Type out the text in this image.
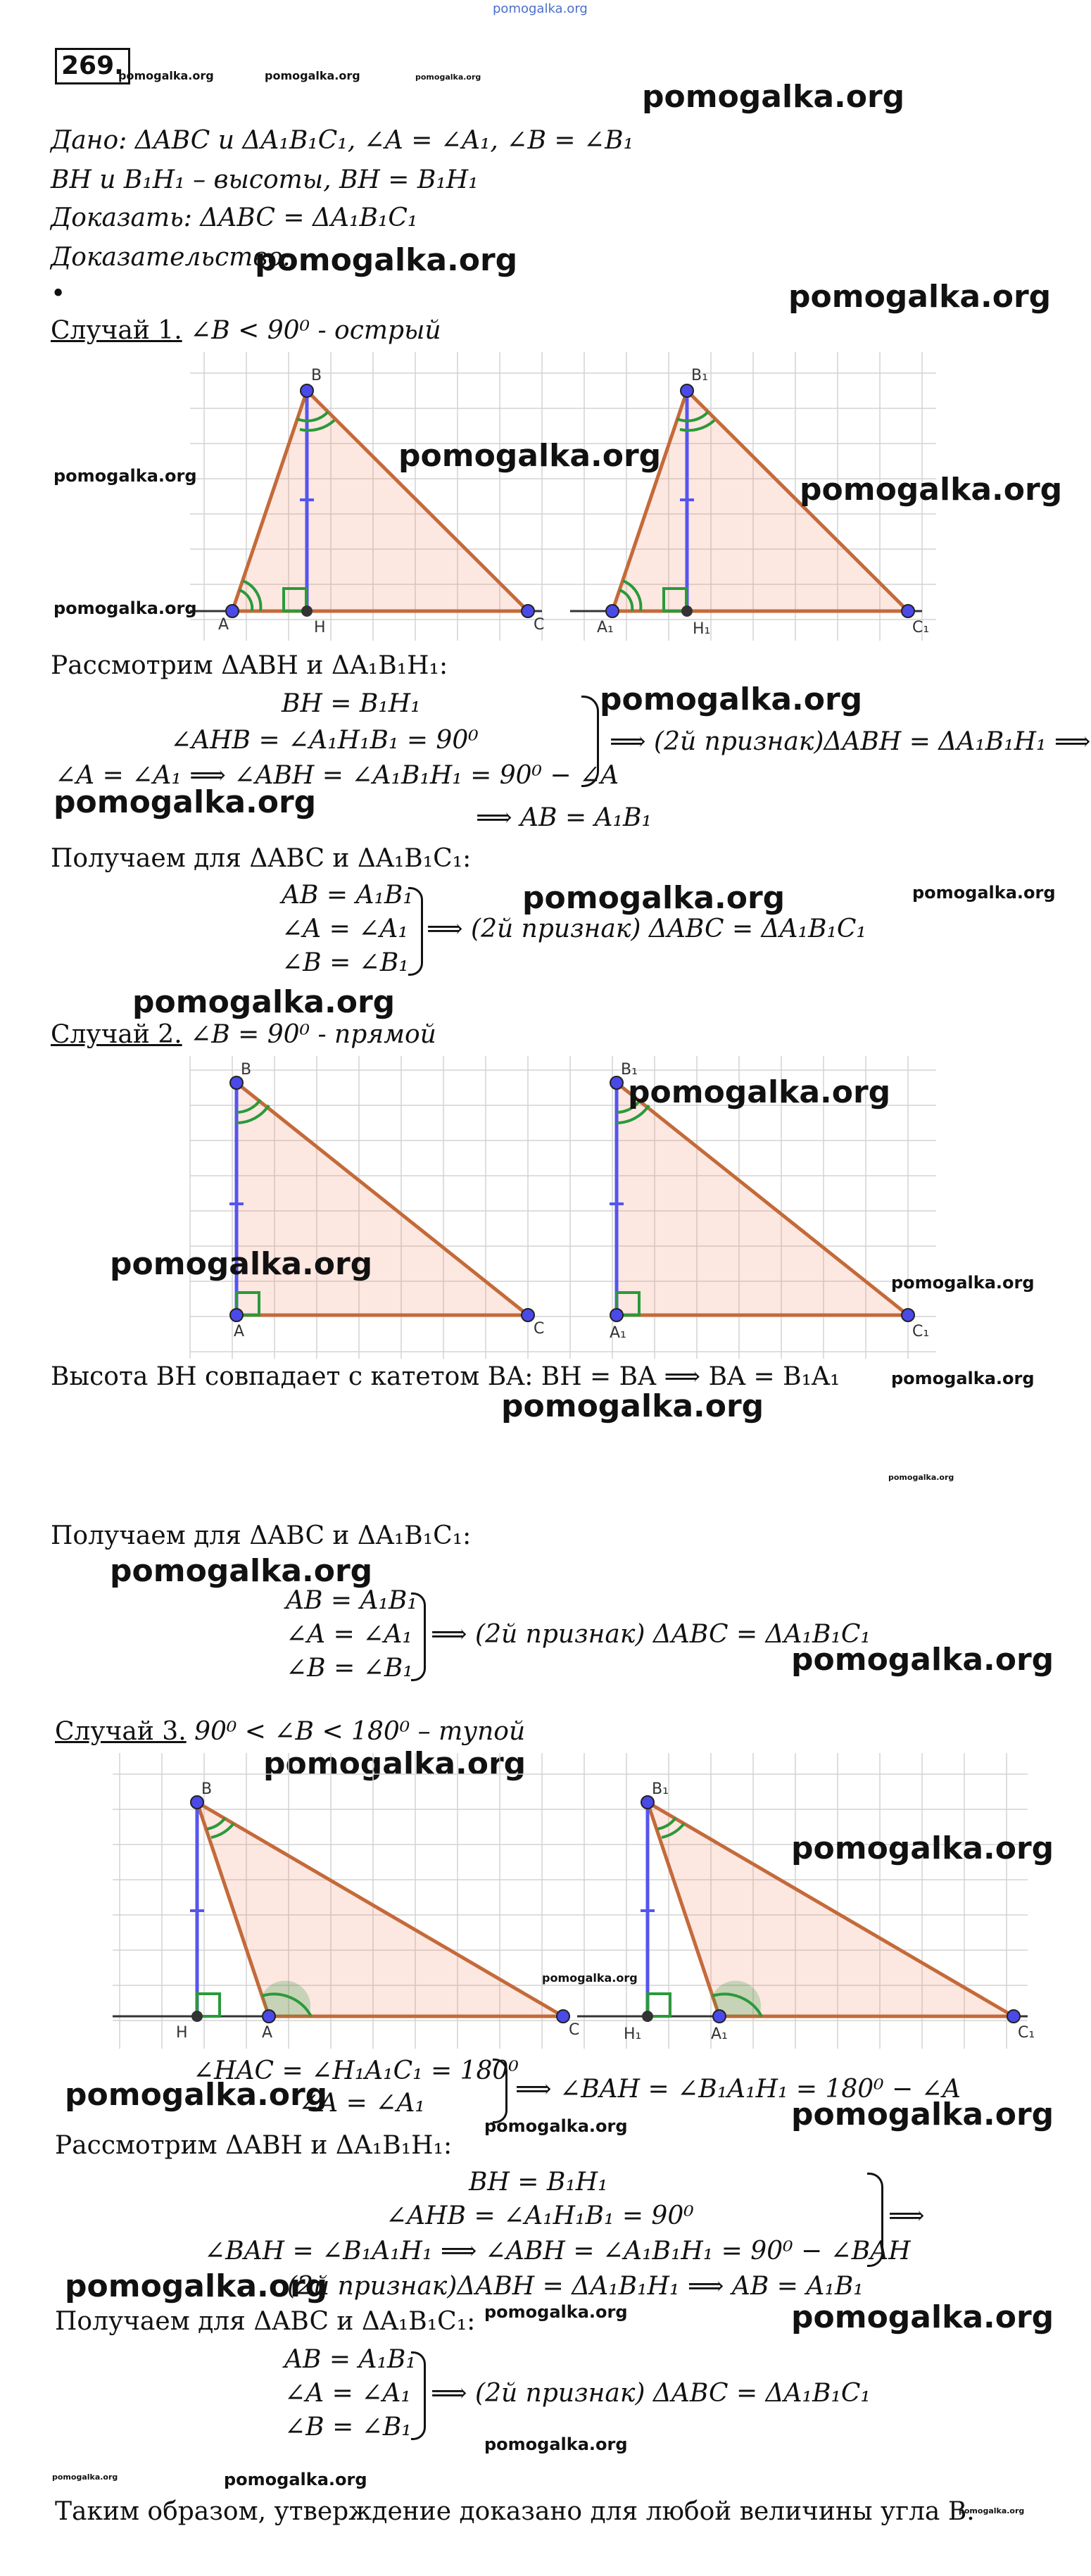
pomogalka.org
269.
pomogalka.org	pomogalka.org	pomogalka.org
pomogalka.org
Дано: ΔABC и ΔA₁B₁C₁, ∠A = ∠A₁, ∠B = ∠B₁
BH и B₁H₁ – высоты, BH = B₁H₁
Доказать: ΔABC = ΔA₁B₁C₁
Доказательство:
pomogalka.org
•	pomogalka.org
Случай 1. ∠B < 90⁰ - острый
A
B
C
H	A₁
B₁
C₁
H₁
pomogalka.org
pomogalka.org	pomogalka.org
pomogalka.org
Рассмотрим ΔABH и ΔA₁B₁H₁:
BH = B₁H₁
∠AHB = ∠A₁H₁B₁ = 90⁰
∠A = ∠A₁ ⟹ ∠ABH = ∠A₁B₁H₁ = 90⁰ − ∠A
pomogalka.org
⟹ (2й признак)ΔABH = ΔA₁B₁H₁ ⟹
pomogalka.org	⟹ AB = A₁B₁
Получаем для ΔABC и ΔA₁B₁C₁:
AB = A₁B₁
∠A = ∠A₁
∠B = ∠B₁
⟹ (2й признак) ΔABC = ΔA₁B₁C₁
pomogalka.org	pomogalka.org
pomogalka.org
Случай 2. ∠B = 90⁰ - прямой
B
A	C
B₁
A₁	C₁
pomogalka.org
pomogalka.org
pomogalka.org
Высота BH совпадает с катетом BA: BH = BA ⟹ BA = B₁A₁	pomogalka.org
pomogalka.org
pomogalka.org
Получаем для ΔABC и ΔA₁B₁C₁:
pomogalka.org
AB = A₁B₁
∠A = ∠A₁
∠B = ∠B₁
⟹ (2й признак) ΔABC = ΔA₁B₁C₁
pomogalka.org
Случай 3. 90⁰ < ∠B < 180⁰ – тупой
pomogalka.org
B
A	C
H
B₁
A₁	C₁
H₁
pomogalka.org
pomogalka.org
∠HAC = ∠H₁A₁C₁ = 180⁰
∠A = ∠A₁
pomogalka.org	⟹ ∠BAH = ∠B₁A₁H₁ = 180⁰ − ∠A
pomogalka.org	pomogalka.org
Рассмотрим ΔABH и ΔA₁B₁H₁:
BH = B₁H₁
∠AHB = ∠A₁H₁B₁ = 90⁰
∠BAH = ∠B₁A₁H₁ ⟹ ∠ABH = ∠A₁B₁H₁ = 90⁰ − ∠BAH
⟹
pomogalka.org
(2й признак)ΔABH = ΔA₁B₁H₁ ⟹ AB = A₁B₁
pomogalka.org	pomogalka.org
Получаем для ΔABC и ΔA₁B₁C₁:
AB = A₁B₁
∠A = ∠A₁
∠B = ∠B₁
⟹ (2й признак) ΔABC = ΔA₁B₁C₁
pomogalka.org
pomogalka.org	pomogalka.org
Таким образом, утверждение доказано для любой величины угла B.
pomogalka.org
